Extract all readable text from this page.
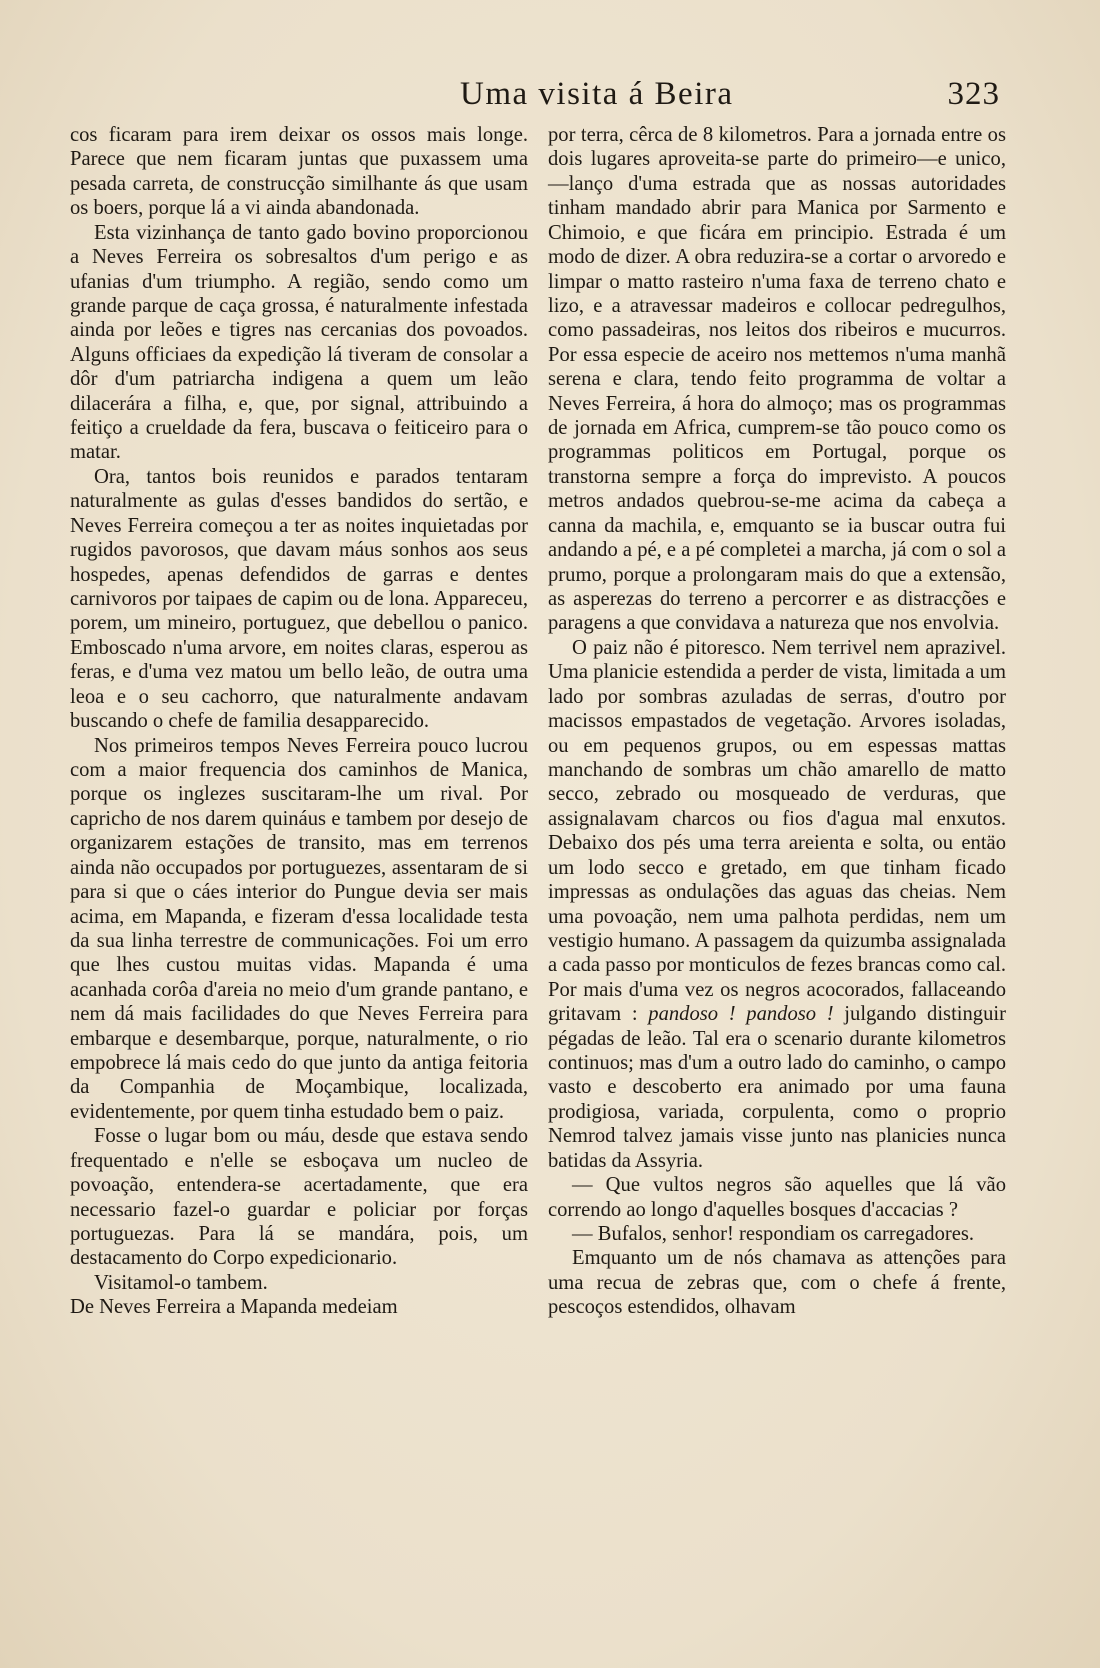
Uma visita á Beira	323

cos ficaram para irem deixar os ossos mais longe. Parece que nem ficaram juntas que puxassem uma pesada carreta, de construcção similhante ás que usam os boers, porque lá a vi ainda abandonada.

Esta vizinhança de tanto gado bovino proporcionou a Neves Ferreira os sobresaltos d'um perigo e as ufanias d'um triumpho. A região, sendo como um grande parque de caça grossa, é naturalmente infestada ainda por leões e tigres nas cercanias dos povoados. Alguns officiaes da expedição lá tiveram de consolar a dôr d'um patriarcha indigena a quem um leão dilacerára a filha, e, que, por signal, attribuindo a feitiço a crueldade da fera, buscava o feiticeiro para o matar.

Ora, tantos bois reunidos e parados tentaram naturalmente as gulas d'esses bandidos do sertão, e Neves Ferreira começou a ter as noites inquietadas por rugidos pavorosos, que davam máus sonhos aos seus hospedes, apenas defendidos de garras e dentes carnivoros por taipaes de capim ou de lona. Appareceu, porem, um mineiro, portuguez, que debellou o panico. Emboscado n'uma arvore, em noites claras, esperou as feras, e d'uma vez matou um bello leão, de outra uma leoa e o seu cachorro, que naturalmente andavam buscando o chefe de familia desapparecido.

Nos primeiros tempos Neves Ferreira pouco lucrou com a maior frequencia dos caminhos de Manica, porque os inglezes suscitaram-lhe um rival. Por capricho de nos darem quináus e tambem por desejo de organizarem estações de transito, mas em terrenos ainda não occupados por portuguezes, assentaram de si para si que o cáes interior do Pungue devia ser mais acima, em Mapanda, e fizeram d'essa localidade testa da sua linha terrestre de communicações. Foi um erro que lhes custou muitas vidas. Mapanda é uma acanhada corôa d'areia no meio d'um grande pantano, e nem dá mais facilidades do que Neves Ferreira para embarque e desembarque, porque, naturalmente, o rio empobrece lá mais cedo do que junto da antiga feitoria da Companhia de Moçambique, localizada, evidentemente, por quem tinha estudado bem o paiz.

Fosse o lugar bom ou máu, desde que estava sendo frequentado e n'elle se esboçava um nucleo de povoação, entendera-se acertadamente, que era necessario fazel-o guardar e policiar por forças portuguezas. Para lá se mandára, pois, um destacamento do Corpo expedicionario.

Visitamol-o tambem.

De Neves Ferreira a Mapanda medeiam

por terra, cêrca de 8 kilometros. Para a jornada entre os dois lugares aproveita-se parte do primeiro—e unico,—lanço d'uma estrada que as nossas autoridades tinham mandado abrir para Manica por Sarmento e Chimoio, e que ficára em principio. Estrada é um modo de dizer. A obra reduzira-se a cortar o arvoredo e limpar o matto rasteiro n'uma faxa de terreno chato e lizo, e a atravessar madeiros e collocar pedregulhos, como passadeiras, nos leitos dos ribeiros e mucurros. Por essa especie de aceiro nos mettemos n'uma manhã serena e clara, tendo feito programma de voltar a Neves Ferreira, á hora do almoço; mas os programmas de jornada em Africa, cumprem-se tão pouco como os programmas politicos em Portugal, porque os transtorna sempre a força do imprevisto. A poucos metros andados quebrou-se-me acima da cabeça a canna da machila, e, emquanto se ia buscar outra fui andando a pé, e a pé completei a marcha, já com o sol a prumo, porque a prolongaram mais do que a extensão, as asperezas do terreno a percorrer e as distracções e paragens a que convidava a natureza que nos envolvia.

O paiz não é pitoresco. Nem terrivel nem aprazivel. Uma planicie estendida a perder de vista, limitada a um lado por sombras azuladas de serras, d'outro por macissos empastados de vegetação. Arvores isoladas, ou em pequenos grupos, ou em espessas mattas manchando de sombras um chão amarello de matto secco, zebrado ou mosqueado de verduras, que assignalavam charcos ou fios d'agua mal enxutos. Debaixo dos pés uma terra areienta e solta, ou entäo um lodo secco e gretado, em que tinham ficado impressas as ondulações das aguas das cheias. Nem uma povoação, nem uma palhota perdidas, nem um vestigio humano. A passagem da quizumba assignalada a cada passo por monticulos de fezes brancas como cal. Por mais d'uma vez os negros acocorados, fallaceando gritavam : pandoso ! pandoso ! julgando distinguir pégadas de leão. Tal era o scenario durante kilometros continuos; mas d'um a outro lado do caminho, o campo vasto e descoberto era animado por uma fauna prodigiosa, variada, corpulenta, como o proprio Nemrod talvez jamais visse junto nas planicies nunca batidas da Assyria.

— Que vultos negros são aquelles que lá vão correndo ao longo d'aquelles bosques d'accacias ?

— Bufalos, senhor! respondiam os carregadores.

Emquanto um de nós chamava as attenções para uma recua de zebras que, com o chefe á frente, pescoços estendidos, olhavam
